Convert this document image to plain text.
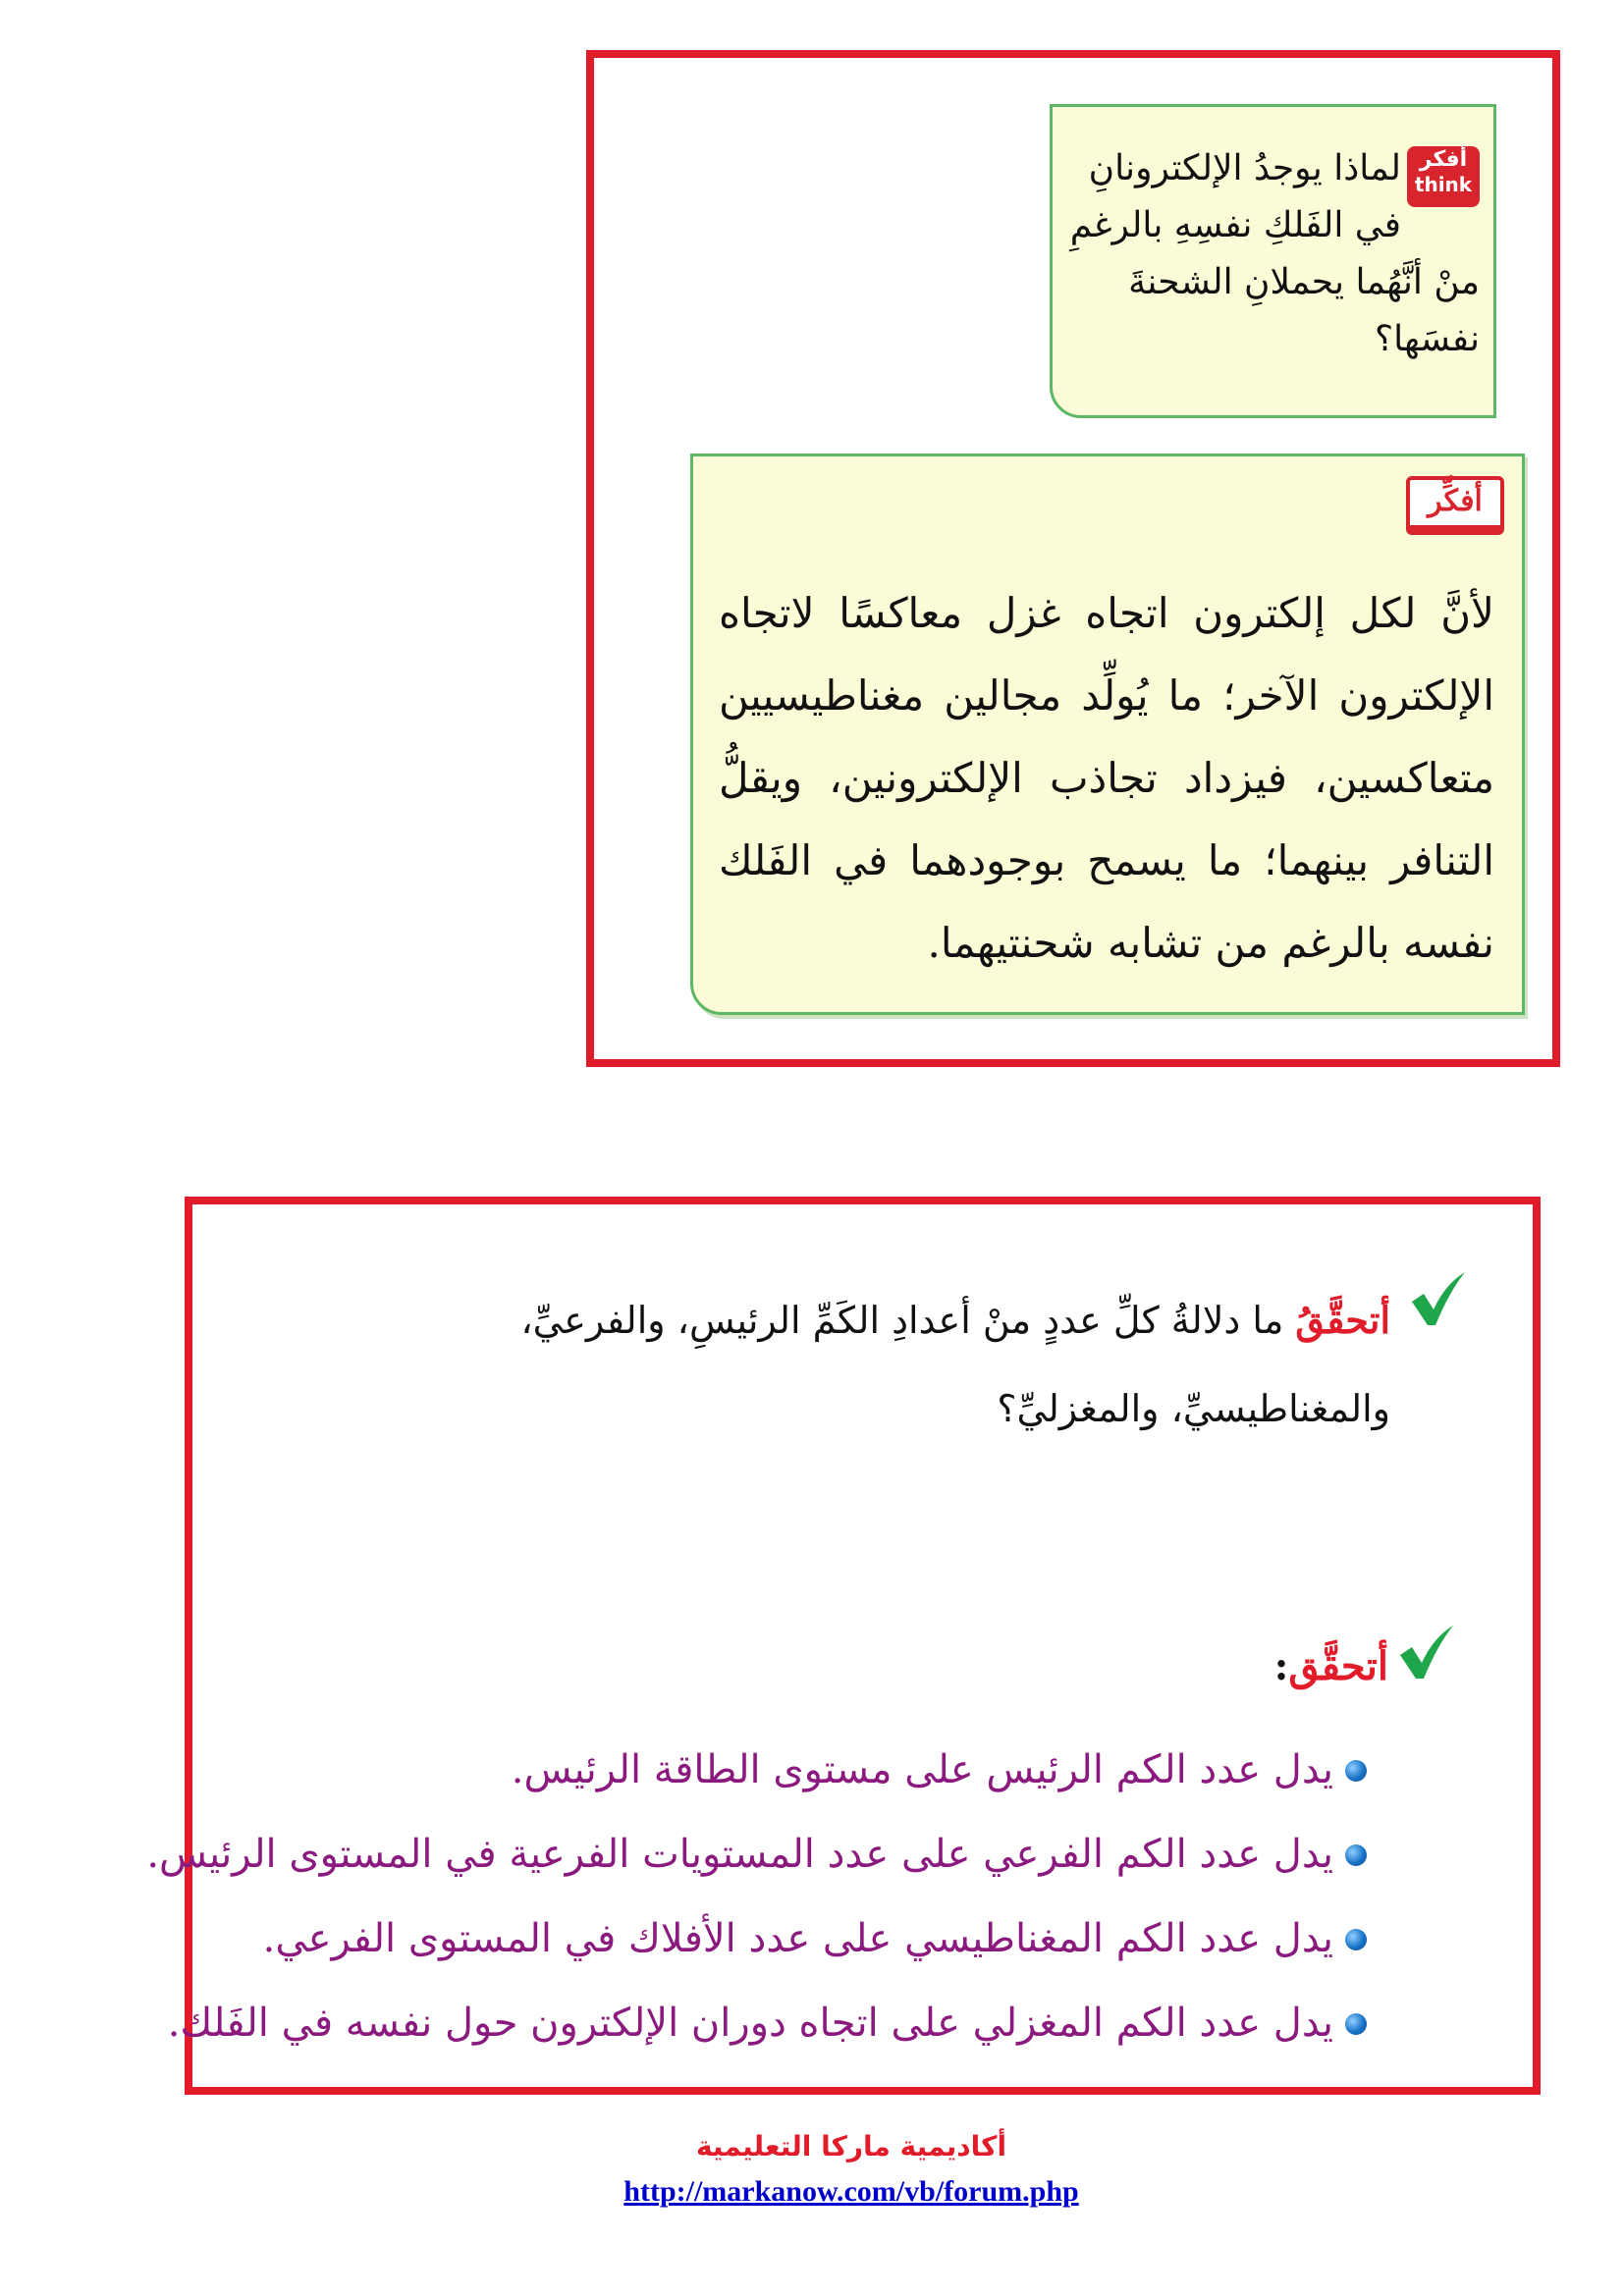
أفكر
think
لماذا يوجدُ الإلكترونانِ في الفَلكِ نفسِهِ بالرغمِ منْ أنَّهُما يحملانِ الشحنةَ نفسَها؟
أفكِّر
لأنَّ لكل إلكترون اتجاه غزل معاكسًا لاتجاه الإلكترون الآخر؛ ما يُولِّد مجالين مغناطيسيين متعاكسين، فيزداد تجاذب الإلكترونين، ويقلُّ التنافر بينهما؛ ما يسمح بوجودهما في الفَلك نفسه بالرغم من تشابه شحنتيهما.
أتحقَّقُ ما دلالةُ كلِّ عددٍ منْ أعدادِ الكَمِّ الرئيسِ، والفرعيِّ، والمغناطيسيِّ، والمغزليِّ؟
أتحقَّق:
يدل عدد الكم الرئيس على مستوى الطاقة الرئيس.
يدل عدد الكم الفرعي على عدد المستويات الفرعية في المستوى الرئيس.
يدل عدد الكم المغناطيسي على عدد الأفلاك في المستوى الفرعي.
يدل عدد الكم المغزلي على اتجاه دوران الإلكترون حول نفسه في الفَلك.
أكاديمية ماركا التعليمية
http://markanow.com/vb/forum.php
